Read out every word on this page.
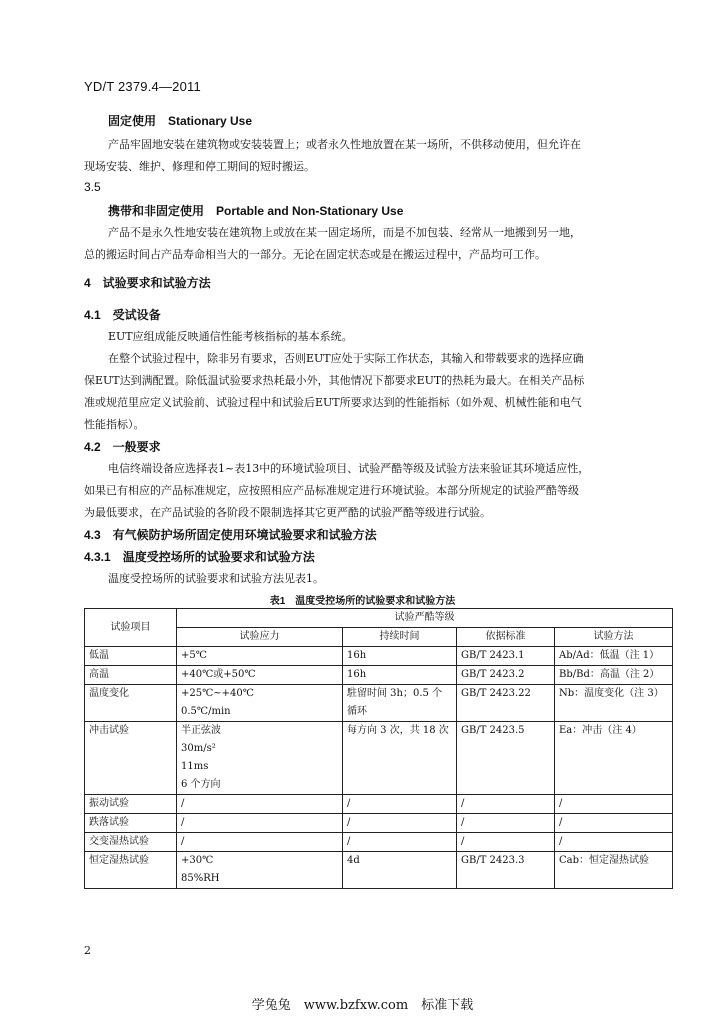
YD/T 2379.4—2011
固定使用　Stationary Use
产品牢固地安装在建筑物或安装装置上；或者永久性地放置在某一场所，不供移动使用，但允许在
现场安装、维护、修理和停工期间的短时搬运。
3.5
携带和非固定使用　Portable and Non-Stationary Use
产品不是永久性地安装在建筑物上或放在某一固定场所，而是不加包装、经常从一地搬到另一地，
总的搬运时间占产品寿命相当大的一部分。无论在固定状态或是在搬运过程中，产品均可工作。
4　试验要求和试验方法
4.1　受试设备
EUT应组成能反映通信性能考核指标的基本系统。
在整个试验过程中，除非另有要求，否则EUT应处于实际工作状态，其输入和带载要求的选择应确
保EUT达到满配置。除低温试验要求热耗最小外，其他情况下都要求EUT的热耗为最大。在相关产品标
准或规范里应定义试验前、试验过程中和试验后EUT所要求达到的性能指标（如外观、机械性能和电气
性能指标）。
4.2　一般要求
电信终端设备应选择表1~表13中的环境试验项目、试验严酷等级及试验方法来验证其环境适应性，
如果已有相应的产品标准规定，应按照相应产品标准规定进行环境试验。本部分所规定的试验严酷等级
为最低要求，在产品试验的各阶段不限制选择其它更严酷的试验严酷等级进行试验。
4.3　有气候防护场所固定使用环境试验要求和试验方法
4.3.1　温度受控场所的试验要求和试验方法
温度受控场所的试验要求和试验方法见表1。
表1　温度受控场所的试验要求和试验方法
试验项目	试验严酷等级			
	试验应力	持续时间	依据标准	试验方法
低温	+5℃	16h	GB/T 2423.1	Ab/Ad：低温（注 1）
高温	+40℃或+50℃	16h	GB/T 2423.2	Bb/Bd：高温（注 2）
温度变化	+25℃~+40℃
0.5℃/min	駐留时间 3h；0.5 个循环	GB/T 2423.22	Nb：温度变化（注 3）
冲击试验	半正弦波
30m/s²
11ms
6 个方向	每方向 3 次，共 18 次	GB/T 2423.5	Ea：冲击（注 4）
振动试验	/	/	/	/
跌落试验	/	/	/	/
交变湿热试验	/	/	/	/
恒定湿热试验	+30℃
85%RH	4d	GB/T 2423.3	Cab：恒定湿热试验
2
学兔兔　www.bzfxw.com　标准下载
